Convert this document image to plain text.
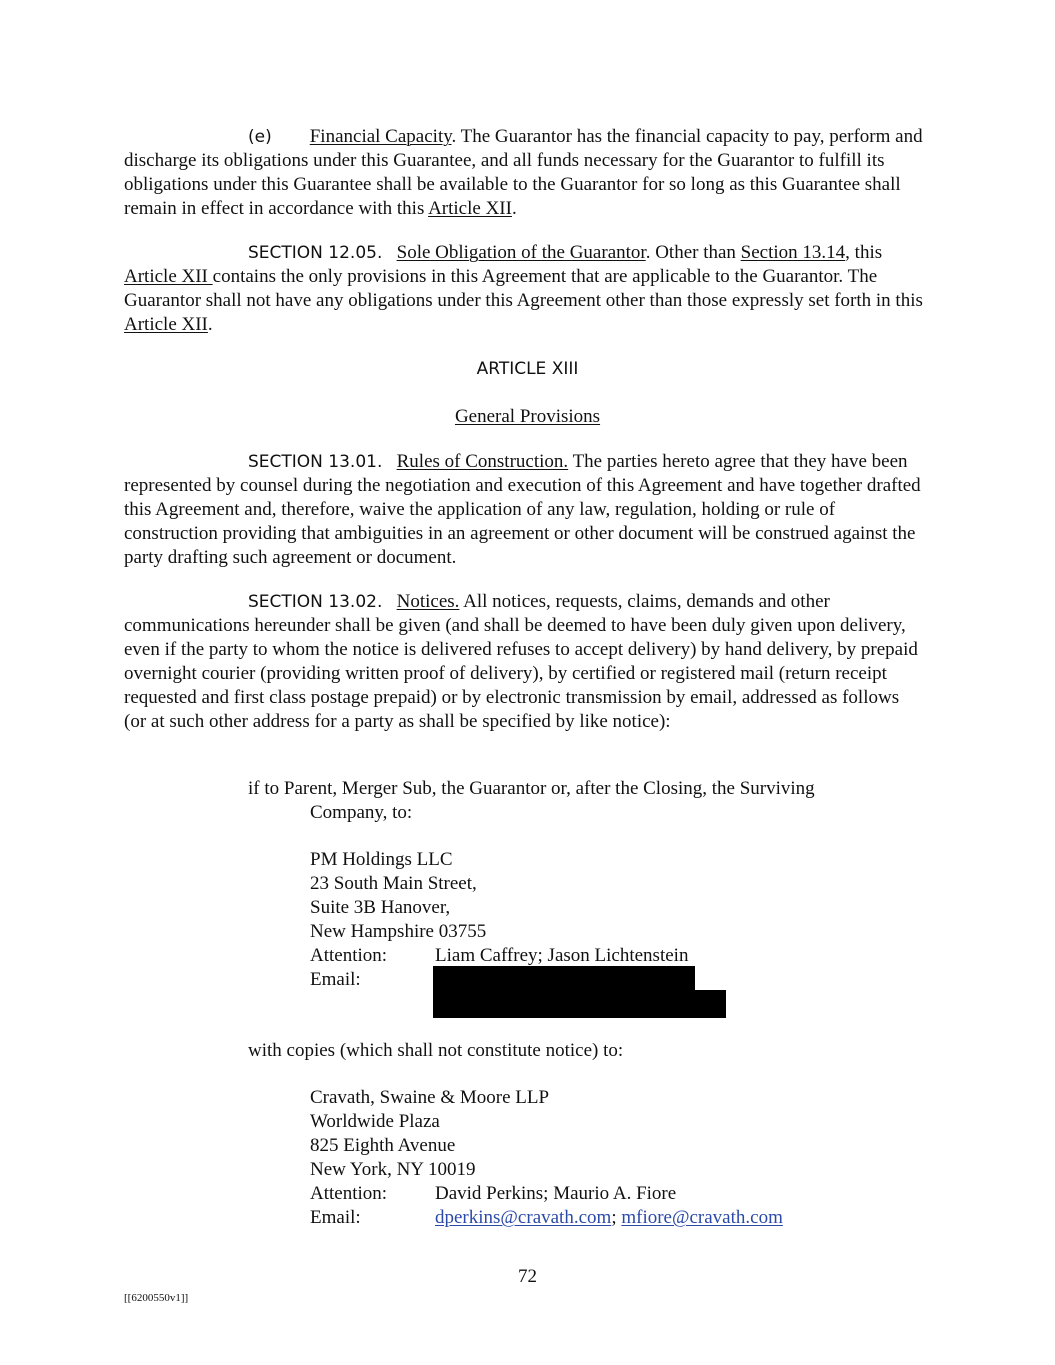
(e) Financial Capacity. The Guarantor has the financial capacity to pay, perform and discharge its obligations under this Guarantee, and all funds necessary for the Guarantor to fulfill its obligations under this Guarantee shall be available to the Guarantor for so long as this Guarantee shall remain in effect in accordance with this Article XII.
SECTION 12.05. Sole Obligation of the Guarantor. Other than Section 13.14, this Article XII contains the only provisions in this Agreement that are applicable to the Guarantor. The Guarantor shall not have any obligations under this Agreement other than those expressly set forth in this Article XII.
ARTICLE XIII
General Provisions
SECTION 13.01. Rules of Construction. The parties hereto agree that they have been represented by counsel during the negotiation and execution of this Agreement and have together drafted this Agreement and, therefore, waive the application of any law, regulation, holding or rule of construction providing that ambiguities in an agreement or other document will be construed against the party drafting such agreement or document.
SECTION 13.02. Notices. All notices, requests, claims, demands and other communications hereunder shall be given (and shall be deemed to have been duly given upon delivery, even if the party to whom the notice is delivered refuses to accept delivery) by hand delivery, by prepaid overnight courier (providing written proof of delivery), by certified or registered mail (return receipt requested and first class postage prepaid) or by electronic transmission by email, addressed as follows (or at such other address for a party as shall be specified by like notice):
if to Parent, Merger Sub, the Guarantor or, after the Closing, the Surviving
Company, to:
PM Holdings LLC
23 South Main Street,
Suite 3B Hanover,
New Hampshire 03755
Attention:	Liam Caffrey; Jason Lichtenstein
Email:
with copies (which shall not constitute notice) to:
Cravath, Swaine & Moore LLP
Worldwide Plaza
825 Eighth Avenue
New York, NY 10019
Attention:	David Perkins; Maurio A. Fiore
Email:	dperkins@cravath.com; mfiore@cravath.com
72
[[6200550v1]]
